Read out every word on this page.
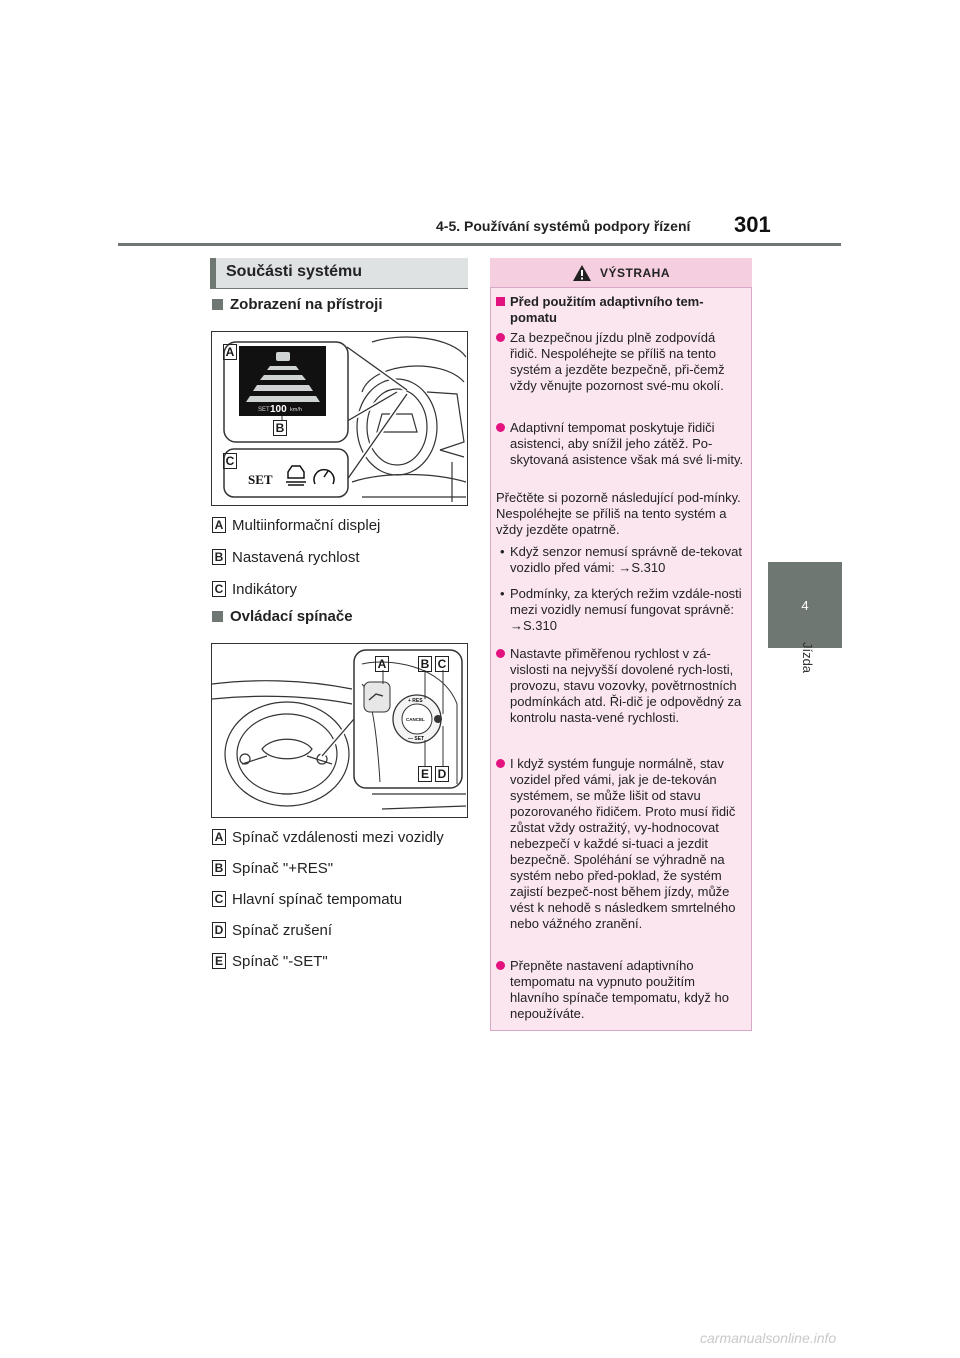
4-5. Používání systémů podpory řízení 301
4
Jízda
Součásti systému
Zobrazení na přístroji
SET 100 km/h
SET
A
B
C
A Multiinformační displej
B Nastavená rychlost
C Indikátory
Ovládací spínače
+ RES
— SET
CANCEL
A	B C
D
E
A Spínač vzdálenosti mezi vozidly
B Spínač "+RES"
C Hlavní spínač tempomatu
D Spínač zrušení
E Spínač "-SET"
VÝSTRAHA
Před použitím adaptivního tem-pomatu
Za bezpečnou jízdu plně zodpovídá řidič. Nespoléhejte se příliš na tento systém a jezděte bezpečně, při-čemž vždy věnujte pozornost své-mu okolí.
Adaptivní tempomat poskytuje řidiči asistenci, aby snížil jeho zátěž. Po-skytovaná asistence však má své li-mity.
Přečtěte si pozorně následující pod-mínky. Nespoléhejte se příliš na tento systém a vždy jezděte opatrně.
• Když senzor nemusí správně de-tekovat vozidlo před vámi: →S.310
• Podmínky, za kterých režim vzdále-nosti mezi vozidly nemusí fungovat správně: →S.310
Nastavte přiměřenou rychlost v zá-vislosti na nejvyšší dovolené rych-losti, provozu, stavu vozovky, povětrnostních podmínkách atd. Ři-dič je odpovědný za kontrolu nasta-vené rychlosti.
I když systém funguje normálně, stav vozidel před vámi, jak je de-tekován systémem, se může lišit od stavu pozorovaného řidičem. Proto musí řidič zůstat vždy ostražitý, vy-hodnocovat nebezpečí v každé si-tuaci a jezdit bezpečně. Spoléhání se výhradně na systém nebo před-poklad, že systém zajistí bezpeč-nost během jízdy, může vést k nehodě s následkem smrtelného nebo vážného zranění.
Přepněte nastavení adaptivního tempomatu na vypnuto použitím hlavního spínače tempomatu, když ho nepoužíváte.
carmanualsonline.info
